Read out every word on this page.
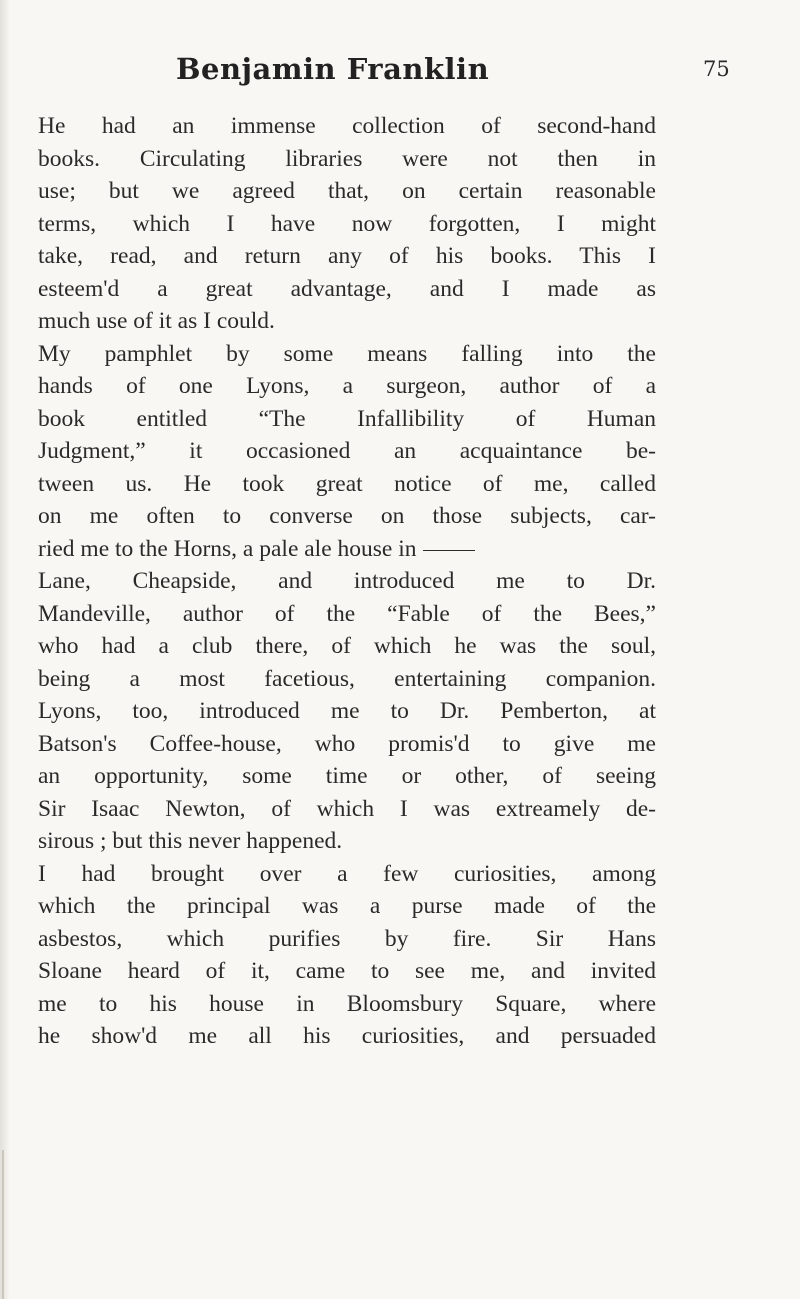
Benjamin Franklin	75
He had an immense collection of second-hand
books. Circulating libraries were not then in
use; but we agreed that, on certain reasonable
terms, which I have now forgotten, I might
take, read, and return any of his books. This I
esteem'd a great advantage, and I made as
much use of it as I could.
My pamphlet by some means falling into the
hands of one Lyons, a surgeon, author of a
book entitled “The Infallibility of Human
Judgment,” it occasioned an acquaintance be-
tween us. He took great notice of me, called
on me often to converse on those subjects, car-
ried me to the Horns, a pale ale house in
Lane, Cheapside, and introduced me to Dr.
Mandeville, author of the “Fable of the Bees,”
who had a club there, of which he was the soul,
being a most facetious, entertaining companion.
Lyons, too, introduced me to Dr. Pemberton, at
Batson's Coffee-house, who promis'd to give me
an opportunity, some time or other, of seeing
Sir Isaac Newton, of which I was extreamely de-
sirous ; but this never happened.
I had brought over a few curiosities, among
which the principal was a purse made of the
asbestos, which purifies by fire. Sir Hans
Sloane heard of it, came to see me, and invited
me to his house in Bloomsbury Square, where
he show'd me all his curiosities, and persuaded
